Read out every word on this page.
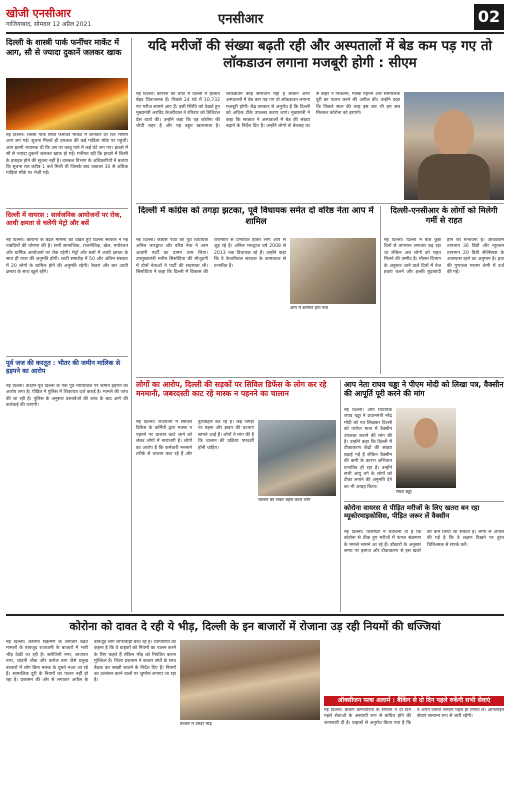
खोजी एनसीआर
गाजियाबाद, सोमवार 12 अप्रैल 2021	एनसीआर	02
दिल्ली के शास्त्री पार्क फर्नीचर मार्केट में आग, सौ से ज्यादा दुकानें जलकर खाक
नई दिल्ली। शास्त्री पार्क स्थित फर्नीचर मार्केट में शनिवार देर रात भीषण आग लग गई। सूचना मिलते ही दमकल की कई गाड़ियां मौके पर पहुंचीं। आग इतनी भयानक थी कि उस पर काबू पाने में कई घंटे लग गए। हादसे में सौ से ज्यादा दुकानें जलकर खाक हो गईं। गनीमत रही कि हादसे में किसी के हताहत होने की सूचना नहीं है। दमकल विभाग के अधिकारियों ने बताया कि सूचना रात करीब 1 बजे मिली थी जिसके बाद तत्काल 30 से अधिक गाड़ियां मौके पर भेजी गईं।
दिल्ली में वायरस : सार्वजनिक आयोजनों पर रोक, आधी क्षमता से चलेंगी मेट्रो और बसें
नई दिल्ली। कोरोना के बढ़ते मामलों को देखते हुए दिल्ली सरकार ने नई पाबंदियों की घोषणा की है। सभी सामाजिक, राजनीतिक, खेल, मनोरंजन और धार्मिक आयोजनों पर रोक रहेगी। मेट्रो और बसों में आधी क्षमता के साथ ही यात्रा की अनुमति होगी। शादी समारोह में 50 और अंतिम संस्कार में 20 लोगों के शामिल होने की अनुमति रहेगी। रेस्तरां और बार आधी क्षमता के साथ खुले रहेंगे।
पूर्व जज की करतूत : भीतर की जमीन मालिक से हड़पने का आरोप
नई दिल्ली। दक्षिण-पूर्व दिल्ली के एक पूर्व न्यायाधीश पर जमीन हड़पने का आरोप लगा है। पीड़ित ने पुलिस में शिकायत दर्ज कराई है। मामले की जांच की जा रही है। पुलिस के अनुसार दस्तावेजों की जांच के बाद आगे की कार्रवाई की जाएगी।
यदि मरीजों की संख्या बढ़ती रही और अस्पतालों में बेड कम पड़ गए तो लॉकडाउन लगाना मजबूरी होगी : सीएम
नई दिल्ली। कोरोना की चपेट में दिल्ली में हालात बेहद चिंताजनक हैं। पिछले 24 घंटे में 10,732 नए मरीज सामने आए हैं। इसी स्थिति को देखते हुए मुख्यमंत्री अरविंद केजरीवाल ने रविवार को डिजिटल प्रेस वार्ता की। उन्होंने कहा कि यह कोरोना की चौथी लहर है और यह बहुत खतरनाक है। लॉकडाउन कोई समाधान नहीं है लेकिन अगर अस्पतालों में बेड कम पड़ गए तो लॉकडाउन लगाना मजबूरी होगी। केंद्र सरकार से अनुरोध है कि दिल्ली को अधिक टीके उपलब्ध कराए जाएं। मुख्यमंत्री ने कहा कि सरकार ने अस्पतालों में बेड की संख्या बढ़ाने के निर्देश दिए हैं। उन्होंने लोगों से बेवजह घर से बाहर न निकलने, मास्क पहनने और सामाजिक दूरी का पालन करने की अपील की। उन्होंने कहा कि पिछले साल की तरह इस बार भी हम सब मिलकर कोरोना को हराएंगे।
दिल्ली में कांग्रेस को तगड़ा झटका, पूर्व विधायक समेत दो वरिष्ठ नेता आप में शामिल
नई दिल्ली। कांग्रेस पार्टी को पूर्व विधायक अनिल भारद्वाज और वरिष्ठ नेता ने आम आदमी पार्टी का दामन थाम लिया। उपमुख्यमंत्री मनीष सिसोदिया की मौजूदगी में दोनों नेताओं ने पार्टी की सदस्यता ली। सिसोदिया ने कहा कि दिल्ली में विकास की राजनीति से प्रभावित होकर लोग आप से जुड़ रहे हैं। अनिल भारद्वाज वर्ष 2008 से 2013 तक विधायक रहे हैं। उन्होंने कहा कि वे केजरीवाल सरकार के कामकाज से प्रभावित हैं।
आप में शामिल होते नेता
दिल्ली-एनसीआर के लोगों को मिलेगी गर्मी से राहत
नई दिल्ली। दिल्ली में बीते कुछ दिनों से तापमान लगातार बढ़ रहा था लेकिन अब लोगों को राहत मिलने की उम्मीद है। मौसम विभाग के अनुसार आने वाले दिनों में तेज हवाएं चलने और हल्की बूंदाबांदी होने की संभावना है। अधिकतम तापमान 36 डिग्री और न्यूनतम तापमान 20 डिग्री सेल्सियस के आसपास रहने का अनुमान है। हवा की गुणवत्ता मध्यम श्रेणी में दर्ज की गई।
लोगों का आरोप, दिल्ली की सड़कों पर सिविल डिफेंस के लोग कर रहे मनमानी, जबरदस्ती काट रहे मास्क न पहनने का चालान
नई दिल्ली। राजधानी में सिविल डिफेंस के कर्मियों द्वारा मास्क न पहनने पर चालान काटे जाने को लेकर लोगों में नाराजगी है। लोगों का आरोप है कि कर्मचारी मनमाने तरीके से चालान काट रहे हैं और दुर्व्यवहार कर रहे हैं। कई जगहों पर बहस और झड़प की घटनाएं सामने आई हैं। लोगों ने मांग की है कि चालान की प्रक्रिया पारदर्शी होनी चाहिए।
चालान को लेकर बहस करते लोग
आप नेता राघव चड्ढा ने पीएम मोदी को लिखा पत्र, वैक्सीन की आपूर्ति पूरी करने की मांग
नई दिल्ली। आप विधायक राघव चड्ढा ने प्रधानमंत्री नरेंद्र मोदी को पत्र लिखकर दिल्ली को पर्याप्त मात्रा में वैक्सीन उपलब्ध कराने की मांग की है। उन्होंने कहा कि दिल्ली में टीकाकरण केंद्रों की संख्या बढ़ाई गई है लेकिन वैक्सीन की कमी के कारण अभियान प्रभावित हो रहा है। उन्होंने सभी आयु वर्ग के लोगों को टीका लगाने की अनुमति देने का भी आग्रह किया।
राघव चड्ढा
कोरोना वायरस से पीड़ित मरीजों के लिए खतरा बन रहा म्यूकोरमाइकोसिस, पीड़ित जरूर लें वैक्सीन
नई दिल्ली। विशेषज्ञों ने चेतावनी दी है कि कोरोना से ठीक हुए मरीजों में फंगल संक्रमण के मामले सामने आ रहे हैं। डॉक्टरों के अनुसार समय पर इलाज और टीकाकरण से इस खतरे को कम किया जा सकता है। लोगों से अपील की गई है कि वे लक्षण दिखने पर तुरंत चिकित्सक से संपर्क करें।
कोरोना को दावत दे रही ये भीड़, दिल्ली के इन बाजारों में रोजाना उड़ रही नियमों की धज्जियां
नई दिल्ली। कोरोना संक्रमण के लगातार बढ़ते मामलों के बावजूद राजधानी के बाजारों में भारी भीड़ देखी जा रही है। सरोजिनी नगर, लाजपत नगर, चांदनी चौक और करोल बाग जैसे प्रमुख बाजारों में लोग बिना मास्क के घूमते नजर आ रहे हैं। सामाजिक दूरी के नियमों का पालन नहीं हो रहा है। प्रशासन की ओर से लगातार अपील के बावजूद लोग लापरवाही बरत रहे हैं। व्यापारियों का कहना है कि वे ग्राहकों को नियमों का पालन करने के लिए कहते हैं लेकिन भीड़ को नियंत्रित करना मुश्किल है। जिला प्रशासन ने बाजार संघों के साथ बैठक कर सख्ती बरतने के निर्देश दिए हैं। नियमों का उल्लंघन करने वालों पर जुर्माना लगाया जा रहा है।
बाजार में उमड़ी भीड़
ऑक्सीजन पल्स अलार्म : बैंकिंग से दो दिन पहले रुकेंगी सभी सेवाएं
नई दिल्ली। बैंकिंग कर्मचारियों के संगठन ने दो दिन पहले सेवाओं के अस्थायी रूप से बाधित होने की जानकारी दी है। ग्राहकों से अनुरोध किया गया है कि वे अपने जरूरी लेनदेन पहले ही निपटा लें। ऑनलाइन सेवाएं सामान्य रूप से जारी रहेंगी।
